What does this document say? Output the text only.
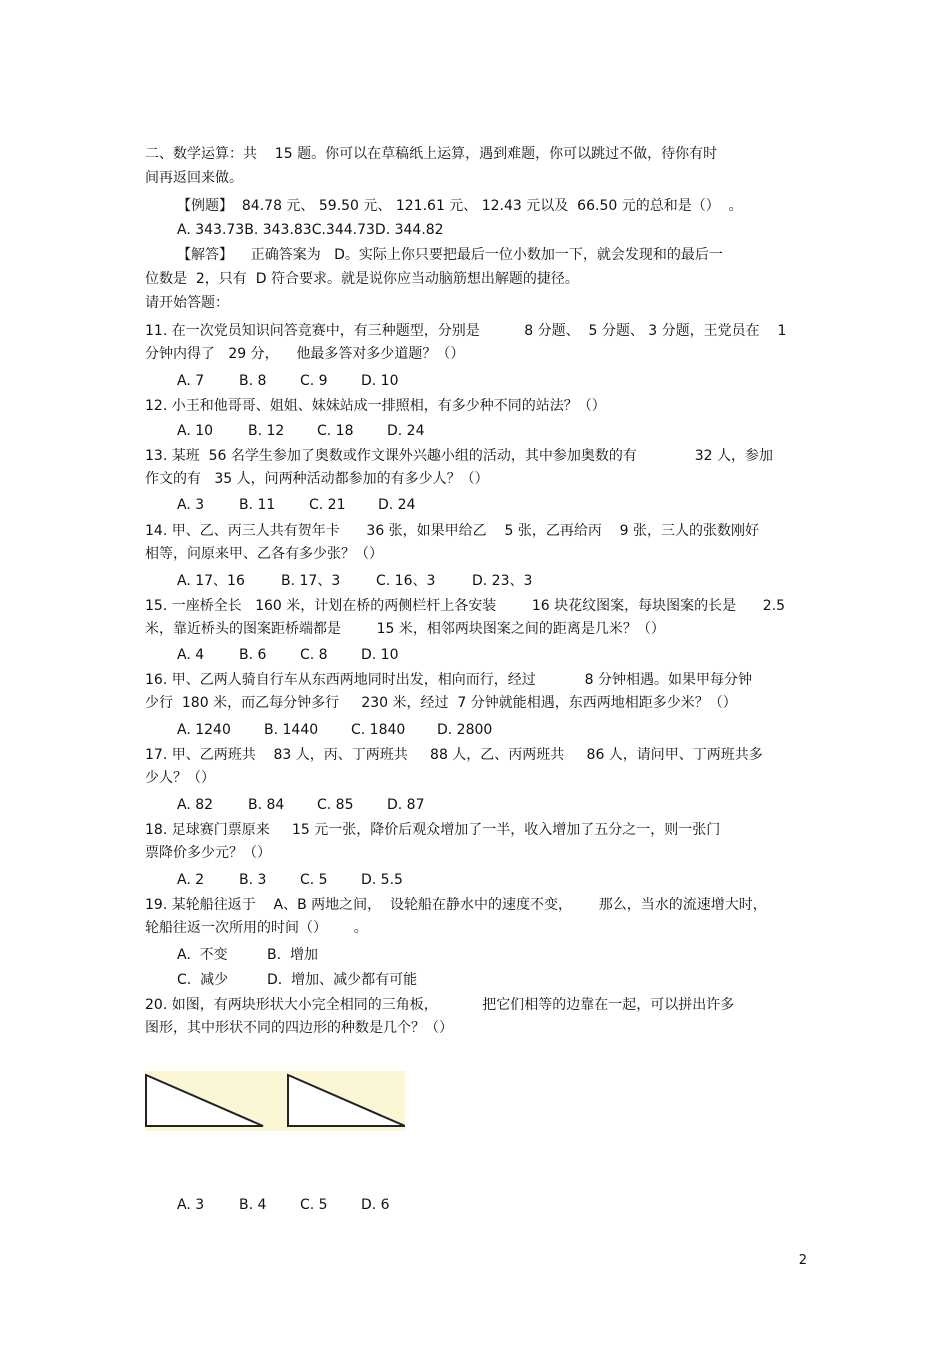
二、数学运算：共    15 题。你可以在草稿纸上运算，遇到难题，你可以跳过不做，待你有时
间再返回来做。
【例题】  84.78 元、 59.50 元、 121.61 元、 12.43 元以及  66.50 元的总和是（）  。
A. 343.73B. 343.83C.344.73D. 344.82
【解答】    正确答案为   D。实际上你只要把最后一位小数加一下，就会发现和的最后一
位数是  2，只有  D 符合要求。就是说你应当动脑筋想出解题的捷径。
请开始答题：
11. 在一次党员知识问答竞赛中，有三种题型，分别是          8 分题、  5 分题、 3 分题，王党员在    1
分钟内得了   29 分，    他最多答对多少道题？（）
A. 7 B. 8 C. 9 D. 10
12. 小王和他哥哥、姐姐、妹妹站成一排照相，有多少种不同的站法？（）
A. 10 B. 12 C. 18 D. 24
13. 某班  56 名学生参加了奥数或作文课外兴趣小组的活动，其中参加奥数的有             32 人，参加
作文的有   35 人，问两种活动都参加的有多少人？（）
A. 3 B. 11 C. 21 D. 24
14. 甲、乙、丙三人共有贺年卡      36 张，如果甲给乙    5 张，乙再给丙    9 张，三人的张数刚好
相等，问原来甲、乙各有多少张？（）
A. 17、16	B. 17、3	C. 16、3	D. 23、3
15. 一座桥全长   160 米，计划在桥的两侧栏杆上各安装        16 块花纹图案，每块图案的长是      2.5
米，靠近桥头的图案距桥端都是        15 米，相邻两块图案之间的距离是几米？（）
A. 4 B. 6 C. 8 D. 10
16. 甲、乙两人骑自行车从东西两地同时出发，相向而行，经过           8 分钟相遇。如果甲每分钟
少行  180 米，而乙每分钟多行     230 米，经过  7 分钟就能相遇，东西两地相距多少米？（）
A. 1240 B. 1440 C. 1840 D. 2800
17. 甲、乙两班共    83 人，丙、丁两班共     88 人，乙、丙两班共     86 人，请问甲、丁两班共多
少人？（）
A. 82 B. 84 C. 85 D. 87
18. 足球赛门票原来     15 元一张，降价后观众增加了一半，收入增加了五分之一，则一张门
票降价多少元？（）
A. 2 B. 3 C. 5 D. 5.5
19. 某轮船往返于    A、B 两地之间，  设轮船在静水中的速度不变，      那么，当水的流速增大时，
轮船往返一次所用的时间（）      。
A.  不变	B.  增加
C.  减少	D.  增加、减少都有可能
20. 如图，有两块形状大小完全相同的三角板，          把它们相等的边靠在一起，可以拼出许多
图形，其中形状不同的四边形的种数是几个？（）
A. 3 B. 4 C. 5 D. 6
2
